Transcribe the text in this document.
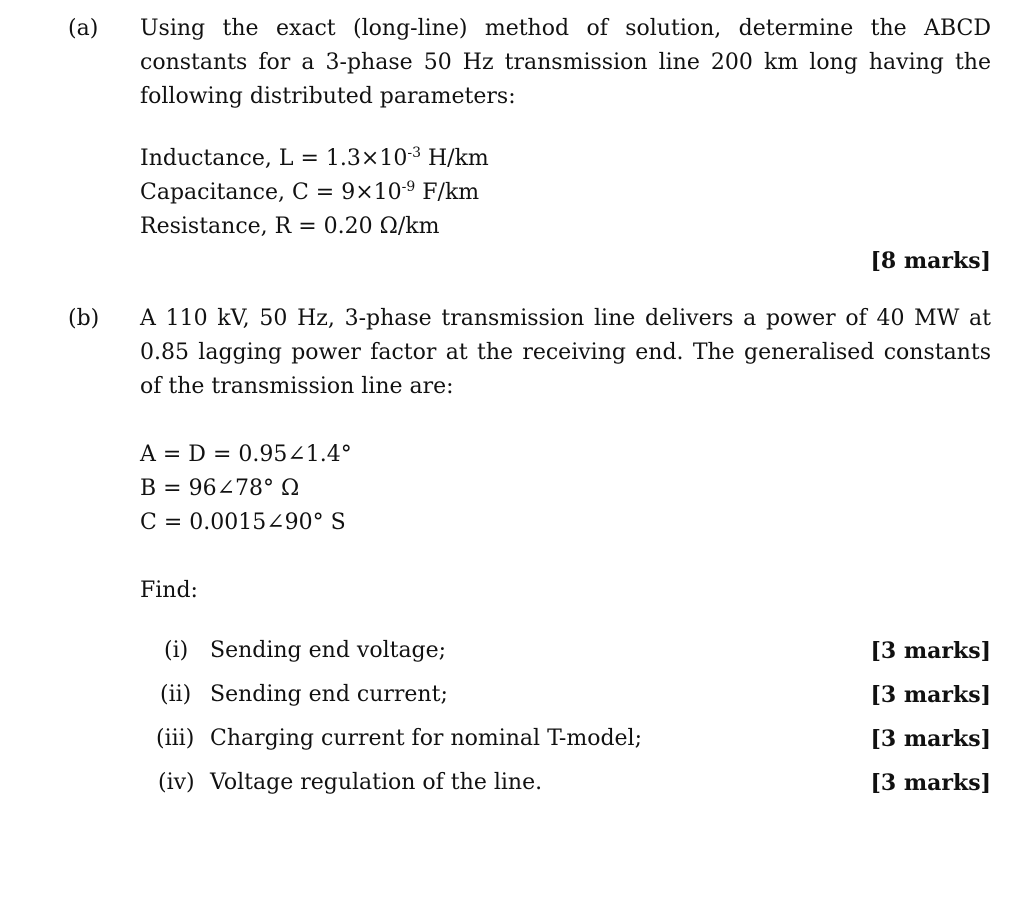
(a) Using the exact (long-line) method of solution, determine the ABCD constants for a 3-phase 50 Hz transmission line 200 km long having the following distributed parameters:
Inductance, $L = 1.3\times 10^{-3}$ H/km
Capacitance, $C = 9\times 10^{-9}$ F/km
Resistance, R = 0.20 Ω/km
[8 marks]
(b) A 110 kV, 50 Hz, 3-phase transmission line delivers a power of 40 MW at 0.85 lagging power factor at the receiving end. The generalised constants of the transmission line are:
A = D = 0.95∠1.4°
B = 96∠78° Ω
C = 0.0015∠90° S
Find:
(i) Sending end voltage;	[3 marks]
(ii) Sending end current;	[3 marks]
(iii) Charging current for nominal T-model;	[3 marks]
(iv) Voltage regulation of the line.	[3 marks]
